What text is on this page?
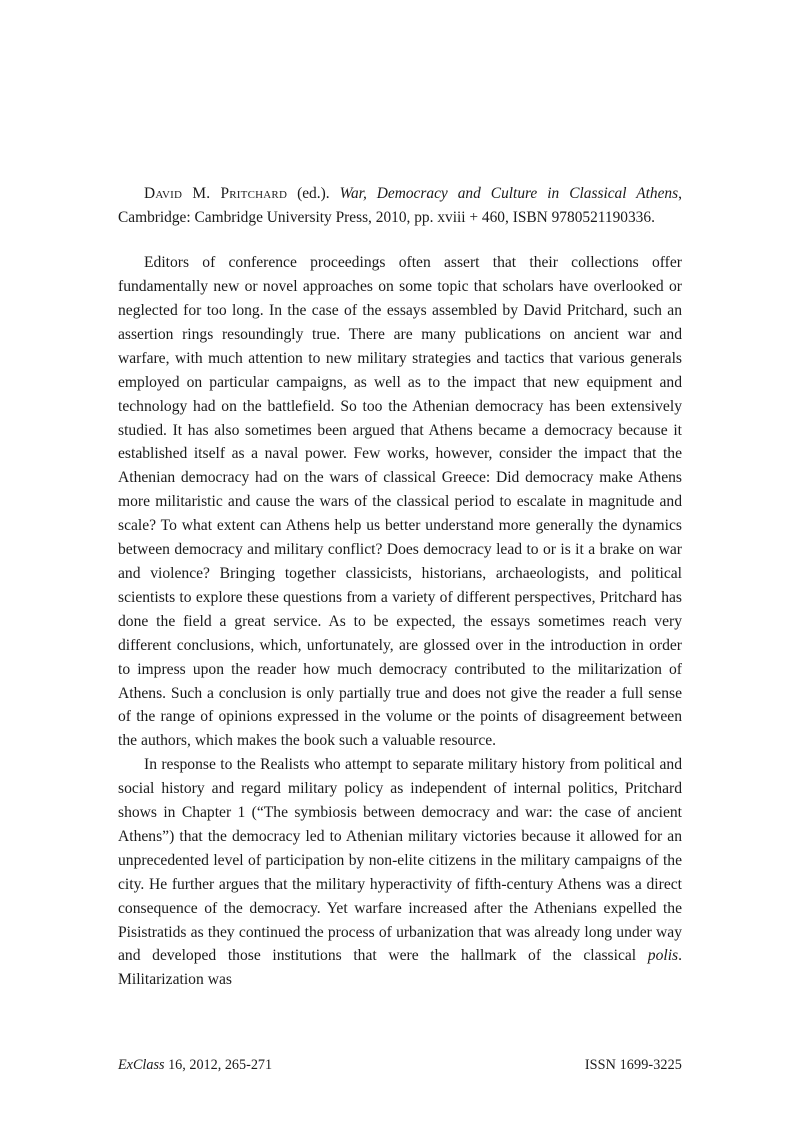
David M. Pritchard (ed.). War, Democracy and Culture in Classical Athens, Cambridge: Cambridge University Press, 2010, pp. xviii + 460, ISBN 9780521190336.

Editors of conference proceedings often assert that their collections offer fundamentally new or novel approaches on some topic that scholars have overlooked or neglected for too long. In the case of the essays assembled by David Pritchard, such an assertion rings resoundingly true. There are many publications on ancient war and warfare, with much attention to new military strategies and tactics that various generals employed on particular campaigns, as well as to the impact that new equipment and technology had on the battlefield. So too the Athenian democracy has been extensively studied. It has also sometimes been argued that Athens became a democracy because it established itself as a naval power. Few works, however, consider the impact that the Athenian democracy had on the wars of classical Greece: Did democracy make Athens more militaristic and cause the wars of the classical period to escalate in magnitude and scale? To what extent can Athens help us better understand more generally the dynamics between democracy and military conflict? Does democracy lead to or is it a brake on war and violence? Bringing together classicists, historians, archaeologists, and political scientists to explore these questions from a variety of different perspectives, Pritchard has done the field a great service. As to be expected, the essays sometimes reach very different conclusions, which, unfortunately, are glossed over in the introduction in order to impress upon the reader how much democracy contributed to the militarization of Athens. Such a conclusion is only partially true and does not give the reader a full sense of the range of opinions expressed in the volume or the points of disagreement between the authors, which makes the book such a valuable resource.

In response to the Realists who attempt to separate military history from political and social history and regard military policy as independent of internal politics, Pritchard shows in Chapter 1 (“The symbiosis between democracy and war: the case of ancient Athens”) that the democracy led to Athenian military victories because it allowed for an unprecedented level of participation by non-elite citizens in the military campaigns of the city. He further argues that the military hyperactivity of fifth-century Athens was a direct consequence of the democracy. Yet warfare increased after the Athenians expelled the Pisistratids as they continued the process of urbanization that was already long under way and developed those institutions that were the hallmark of the classical polis. Militarization was

ExClass 16, 2012, 265-271	ISSN 1699-3225
